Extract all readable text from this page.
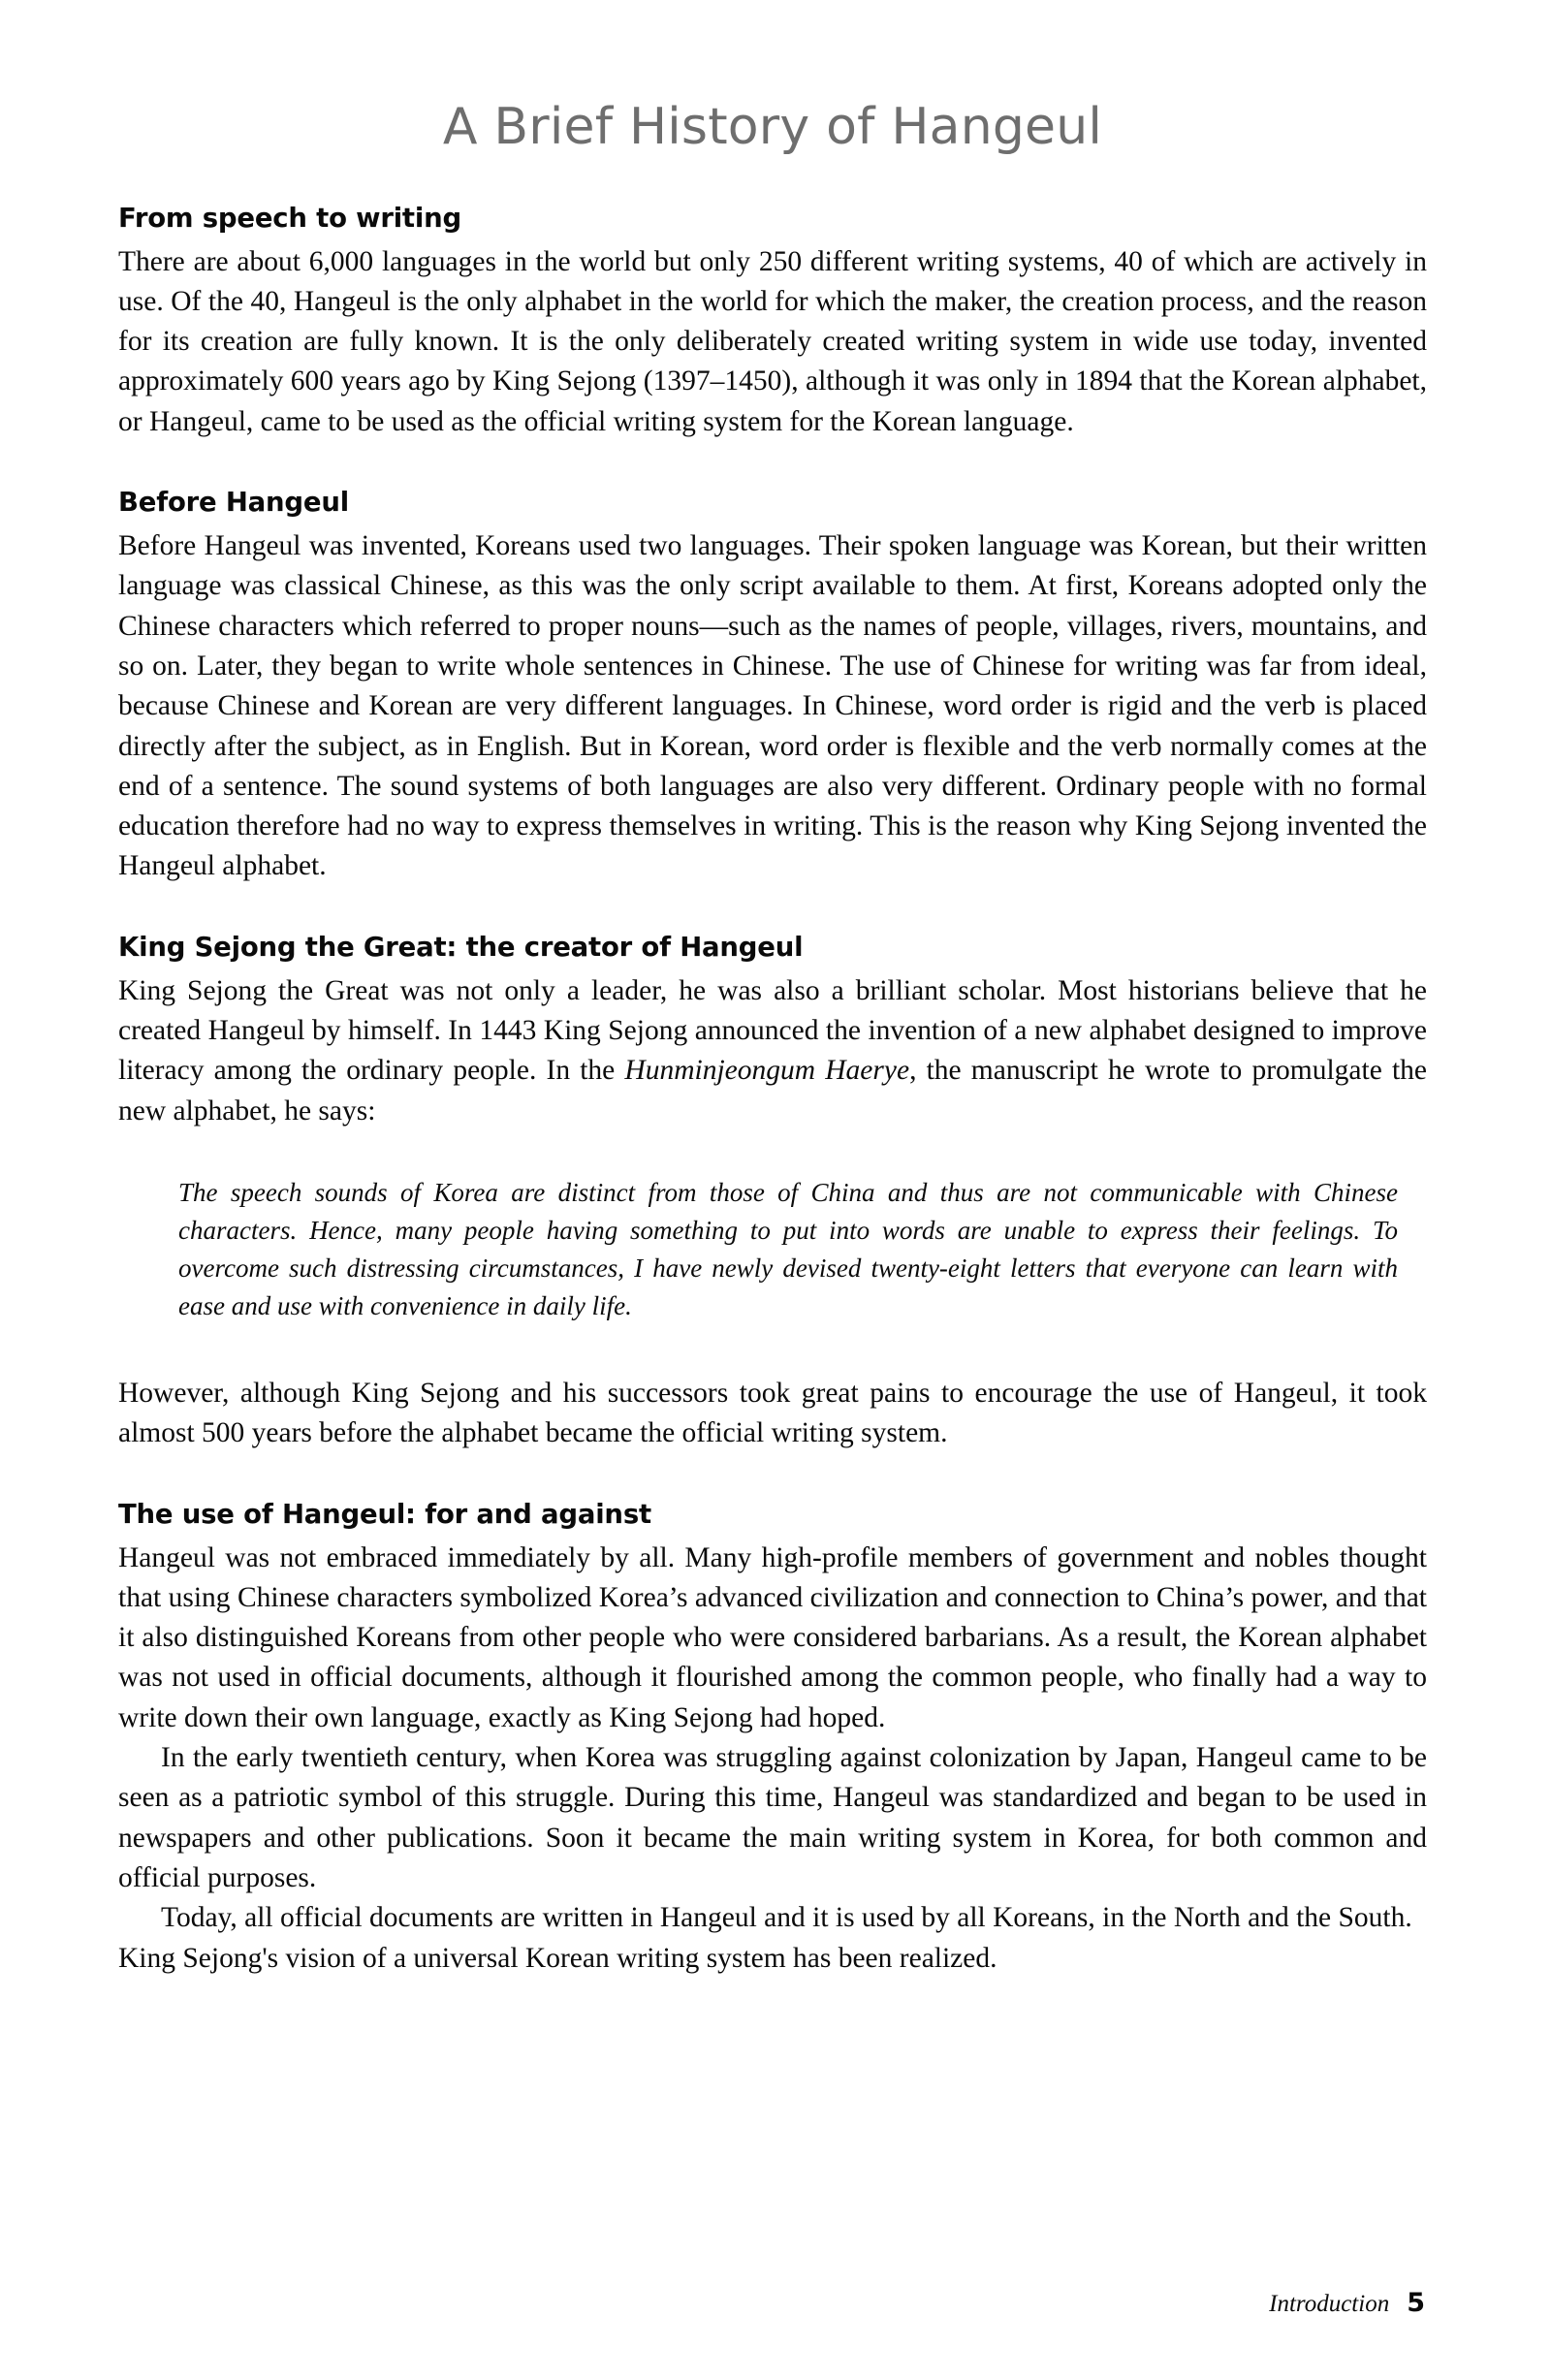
A Brief History of Hangeul
From speech to writing

There are about 6,000 languages in the world but only 250 different writing systems, 40 of which are actively in use. Of the 40, Hangeul is the only alphabet in the world for which the maker, the creation process, and the reason for its creation are fully known. It is the only deliberately created writing system in wide use today, invented approximately 600 years ago by King Sejong (1397–1450), although it was only in 1894 that the Korean alphabet, or Hangeul, came to be used as the official writing system for the Korean language.

Before Hangeul

Before Hangeul was invented, Koreans used two languages. Their spoken language was Korean, but their written language was classical Chinese, as this was the only script available to them. At first, Koreans adopted only the Chinese characters which referred to proper nouns—such as the names of people, villages, rivers, mountains, and so on. Later, they began to write whole sentences in Chinese. The use of Chinese for writing was far from ideal, because Chinese and Korean are very different languages. In Chinese, word order is rigid and the verb is placed directly after the subject, as in English. But in Korean, word order is flexible and the verb normally comes at the end of a sentence. The sound systems of both languages are also very different. Ordinary people with no formal education therefore had no way to express themselves in writing. This is the reason why King Sejong invented the Hangeul alphabet.

King Sejong the Great: the creator of Hangeul

King Sejong the Great was not only a leader, he was also a brilliant scholar. Most historians believe that he created Hangeul by himself. In 1443 King Sejong announced the invention of a new alphabet designed to improve literacy among the ordinary people. In the Hunminjeongum Haerye, the manuscript he wrote to promulgate the new alphabet, he says:

The speech sounds of Korea are distinct from those of China and thus are not communicable with Chinese characters. Hence, many people having something to put into words are unable to express their feelings. To overcome such distressing circumstances, I have newly devised twenty-eight letters that everyone can learn with ease and use with convenience in daily life.

However, although King Sejong and his successors took great pains to encourage the use of Hangeul, it took almost 500 years before the alphabet became the official writing system.

The use of Hangeul: for and against

Hangeul was not embraced immediately by all. Many high-profile members of government and nobles thought that using Chinese characters symbolized Korea’s advanced civilization and connection to China’s power, and that it also distinguished Koreans from other people who were considered barbarians. As a result, the Korean alphabet was not used in official documents, although it flourished among the common people, who finally had a way to write down their own language, exactly as King Sejong had hoped.

In the early twentieth century, when Korea was struggling against colonization by Japan, Hangeul came to be seen as a patriotic symbol of this struggle. During this time, Hangeul was standardized and began to be used in newspapers and other publications. Soon it became the main writing system in Korea, for both common and official purposes.

Today, all official documents are written in Hangeul and it is used by all Koreans, in the North and the South. King Sejong's vision of a universal Korean writing system has been realized.

Introduction 5
